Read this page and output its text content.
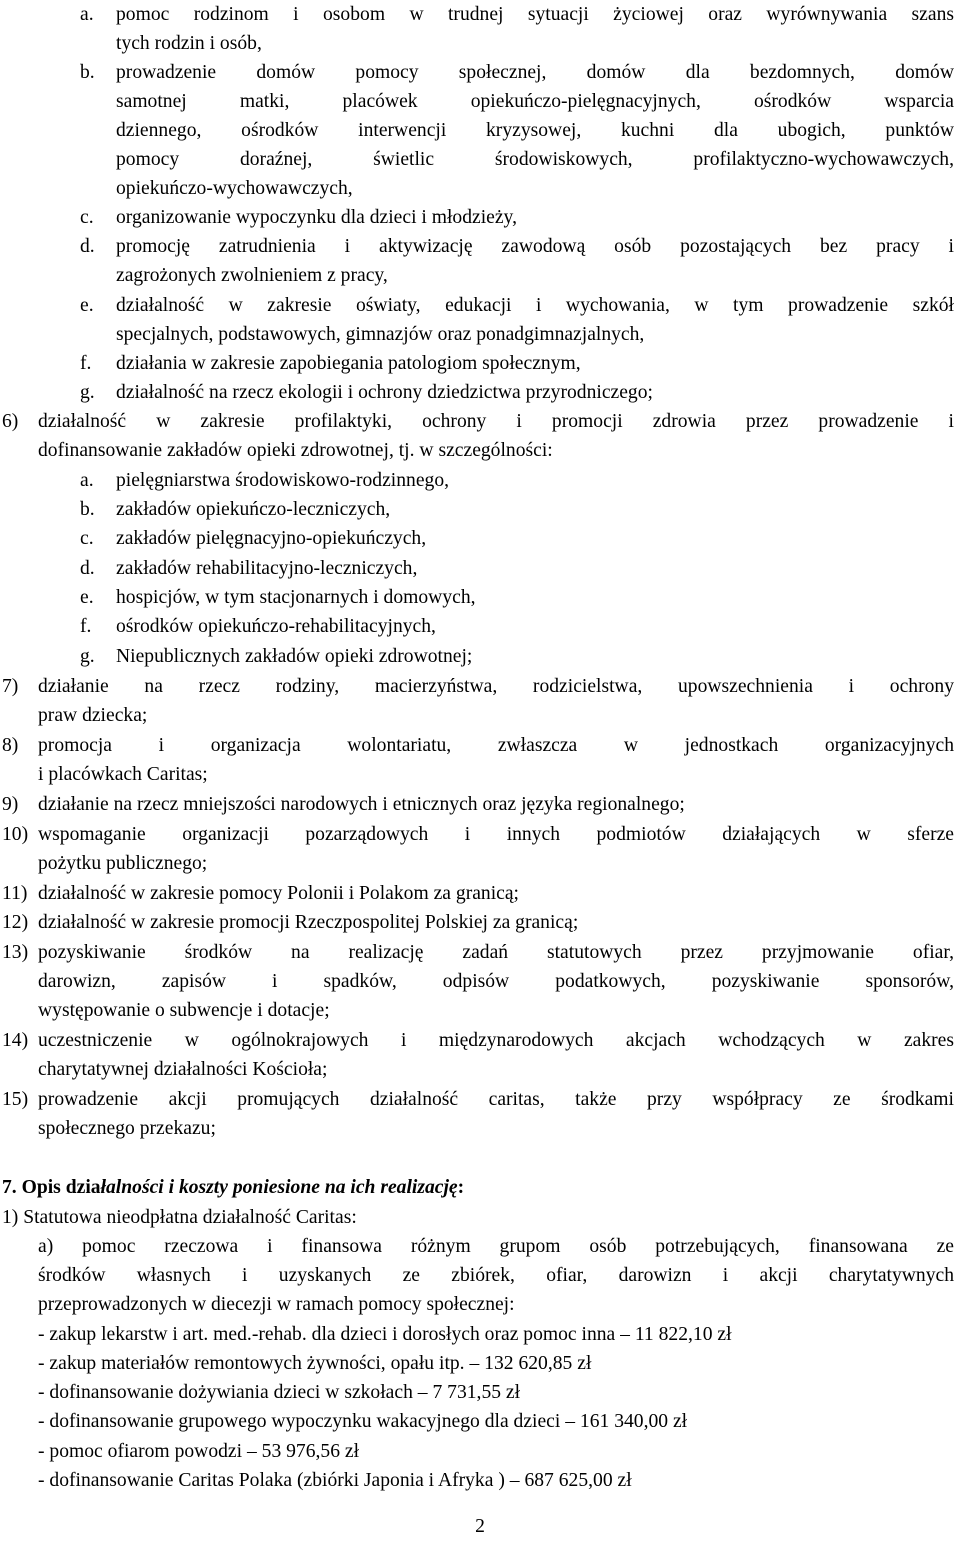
a. pomoc rodzinom i osobom w trudnej sytuacji życiowej oraz wyrównywania szans
tych rodzin i osób,
b. prowadzenie domów pomocy społecznej, domów dla bezdomnych, domów
samotnej matki, placówek opiekuńczo-pielęgnacyjnych, ośrodków wsparcia
dziennego, ośrodków interwencji kryzysowej, kuchni dla ubogich, punktów
pomocy doraźnej, świetlic środowiskowych, profilaktyczno-wychowawczych,
opiekuńczo-wychowawczych,
c. organizowanie wypoczynku dla dzieci i młodzieży,
d. promocję zatrudnienia i aktywizację zawodową osób pozostających bez pracy i
zagrożonych zwolnieniem z pracy,
e. działalność w zakresie oświaty, edukacji i wychowania, w tym prowadzenie szkół
specjalnych, podstawowych, gimnazjów oraz ponadgimnazjalnych,
f. działania w zakresie zapobiegania patologiom społecznym,
g. działalność na rzecz ekologii i ochrony dziedzictwa przyrodniczego;
6) działalność w zakresie profilaktyki, ochrony i promocji zdrowia przez prowadzenie i
dofinansowanie zakładów opieki zdrowotnej, tj. w szczególności:
a. pielęgniarstwa środowiskowo-rodzinnego,
b. zakładów opiekuńczo-leczniczych,
c. zakładów pielęgnacyjno-opiekuńczych,
d. zakładów rehabilitacyjno-leczniczych,
e. hospicjów, w tym stacjonarnych i domowych,
f. ośrodków opiekuńczo-rehabilitacyjnych,
g. Niepublicznych zakładów opieki zdrowotnej;
7) działanie na rzecz rodziny, macierzyństwa, rodzicielstwa, upowszechnienia i ochrony
praw dziecka;
8) promocja i organizacja wolontariatu, zwłaszcza w jednostkach organizacyjnych
i placówkach Caritas;
9) działanie na rzecz mniejszości narodowych i etnicznych oraz języka regionalnego;
10) wspomaganie organizacji pozarządowych i innych podmiotów działających w sferze
pożytku publicznego;
11) działalność w zakresie pomocy Polonii i Polakom za granicą;
12) działalność w zakresie promocji Rzeczpospolitej Polskiej za granicą;
13) pozyskiwanie środków na realizację zadań statutowych przez przyjmowanie ofiar,
darowizn, zapisów i spadków, odpisów podatkowych, pozyskiwanie sponsorów,
występowanie o subwencje i dotacje;
14) uczestniczenie w ogólnokrajowych i międzynarodowych akcjach wchodzących w zakres
charytatywnej działalności Kościoła;
15) prowadzenie akcji promujących działalność caritas, także przy współpracy ze środkami
społecznego przekazu;
7. Opis działalności i koszty poniesione na ich realizację:
1) Statutowa nieodpłatna działalność Caritas:
a) pomoc rzeczowa i finansowa różnym grupom osób potrzebujących, finansowana ze
środków własnych i uzyskanych ze zbiórek, ofiar, darowizn i akcji charytatywnych
przeprowadzonych w diecezji w ramach pomocy społecznej:
- zakup lekarstw i art. med.-rehab. dla dzieci i dorosłych oraz pomoc inna – 11 822,10 zł
- zakup materiałów remontowych żywności, opału itp. – 132 620,85 zł
- dofinansowanie dożywiania dzieci w szkołach – 7 731,55 zł
- dofinansowanie grupowego wypoczynku wakacyjnego dla dzieci – 161 340,00 zł
- pomoc ofiarom powodzi – 53 976,56 zł
- dofinansowanie Caritas Polaka (zbiórki Japonia i Afryka ) – 687 625,00 zł
2
